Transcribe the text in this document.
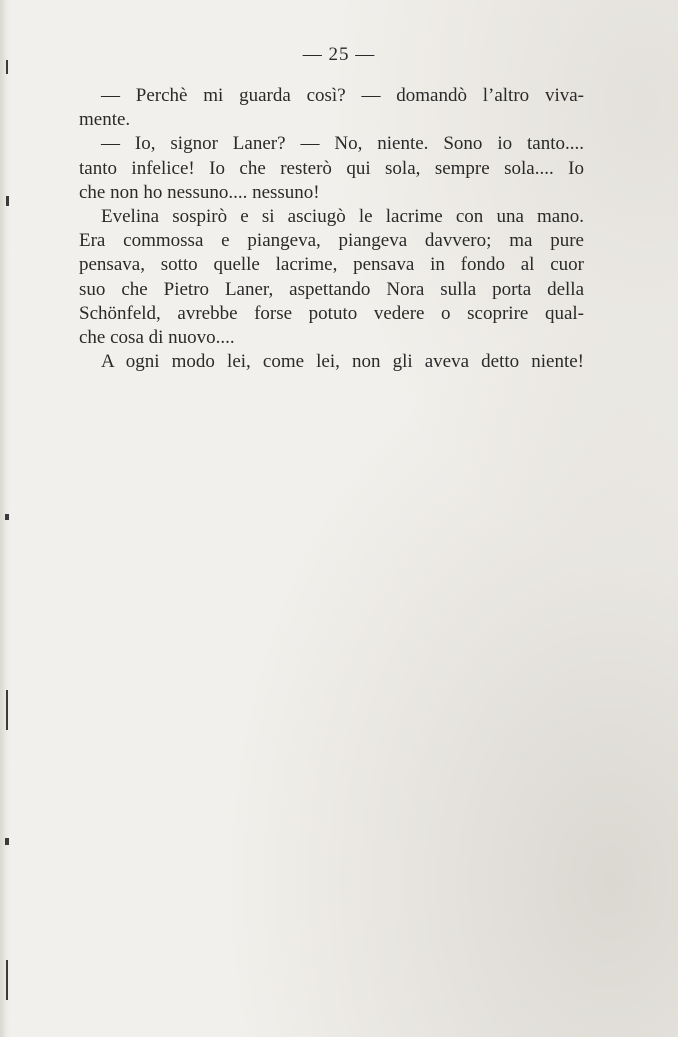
— 25 —
— Perchè mi guarda così? — domandò l’altro viva-
mente.
— Io, signor Laner? — No, niente. Sono io tanto....
tanto infelice! Io che resterò qui sola, sempre sola.... Io
che non ho nessuno.... nessuno!
Evelina sospirò e si asciugò le lacrime con una mano.
Era commossa e piangeva, piangeva davvero; ma pure
pensava, sotto quelle lacrime, pensava in fondo al cuor
suo che Pietro Laner, aspettando Nora sulla porta della
Schönfeld, avrebbe forse potuto vedere o scoprire qual-
che cosa di nuovo....
A ogni modo lei, come lei, non gli aveva detto niente!
